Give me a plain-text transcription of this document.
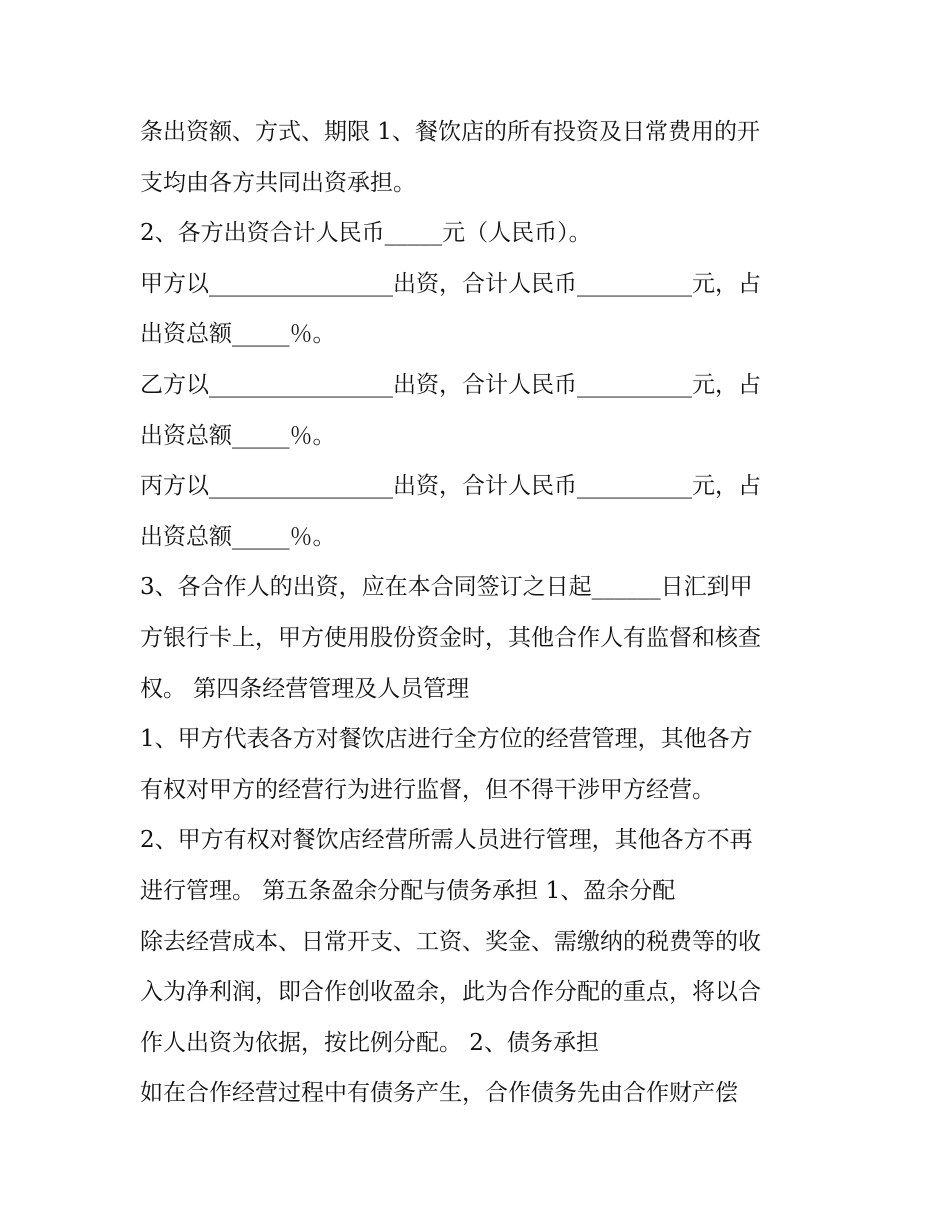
条出资额、方式、期限 1、餐饮店的所有投资及日常费用的开
支均由各方共同出资承担。
2、各方出资合计人民币_____元（人民币）。
甲方以________________出资，合计人民币__________元，占
出资总额_____％。
乙方以________________出资，合计人民币__________元，占
出资总额_____％。
丙方以________________出资，合计人民币__________元，占
出资总额_____％。
3、各合作人的出资，应在本合同签订之日起______日汇到甲
方银行卡上，甲方使用股份资金时，其他合作人有监督和核查
权。 第四条经营管理及人员管理
1、甲方代表各方对餐饮店进行全方位的经营管理，其他各方
有权对甲方的经营行为进行监督，但不得干涉甲方经营。
2、甲方有权对餐饮店经营所需人员进行管理，其他各方不再
进行管理。 第五条盈余分配与债务承担 1、盈余分配
除去经营成本、日常开支、工资、奖金、需缴纳的税费等的收
入为净利润，即合作创收盈余，此为合作分配的重点，将以合
作人出资为依据，按比例分配。 2、债务承担
如在合作经营过程中有债务产生，合作债务先由合作财产偿
